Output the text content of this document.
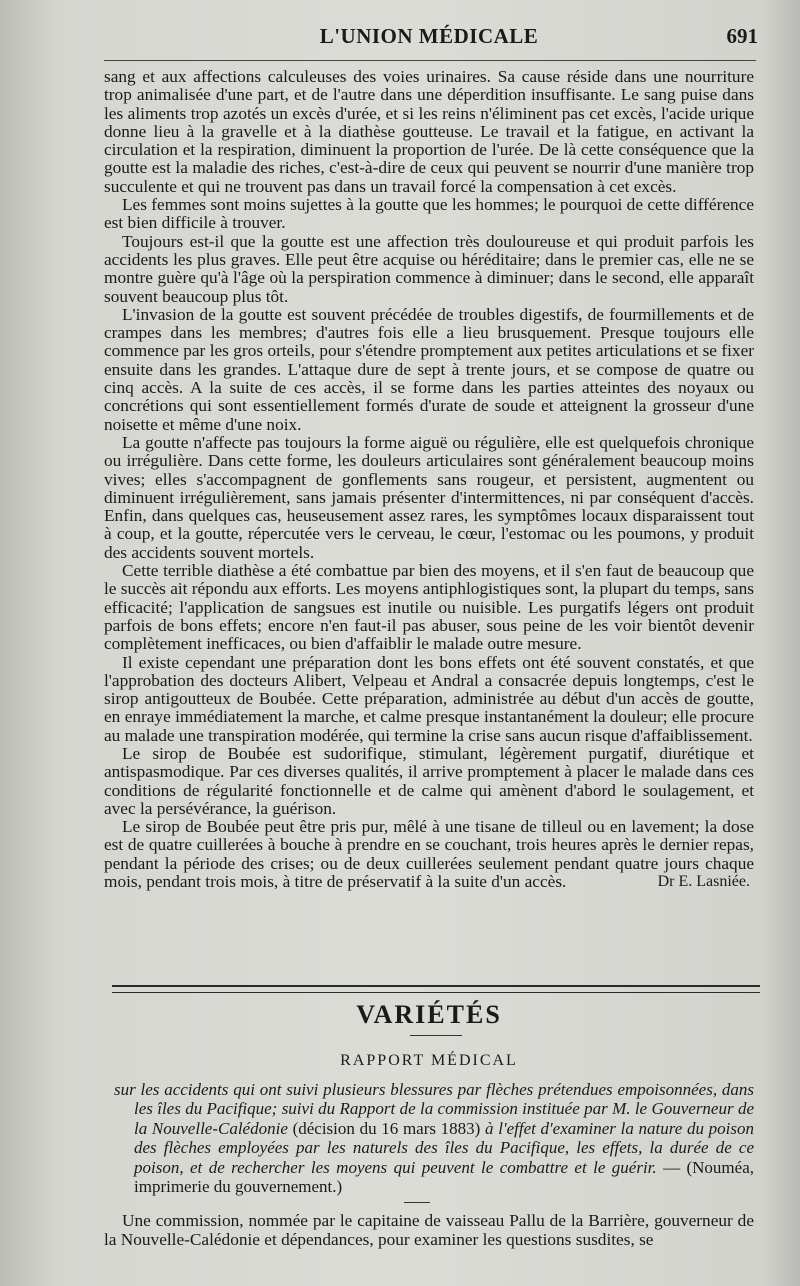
L'UNION MÉDICALE	691

sang et aux affections calculeuses des voies urinaires. Sa cause réside dans une nourriture trop animalisée d'une part, et de l'autre dans une déperdition insuffisante. Le sang puise dans les aliments trop azotés un excès d'urée, et si les reins n'éliminent pas cet excès, l'acide urique donne lieu à la gravelle et à la diathèse goutteuse. Le travail et la fatigue, en activant la circulation et la respiration, diminuent la proportion de l'urée. De là cette conséquence que la goutte est la maladie des riches, c'est-à-dire de ceux qui peuvent se nourrir d'une manière trop succulente et qui ne trouvent pas dans un travail forcé la compensation à cet excès.

Les femmes sont moins sujettes à la goutte que les hommes; le pourquoi de cette différence est bien difficile à trouver.

Toujours est-il que la goutte est une affection très douloureuse et qui produit parfois les accidents les plus graves. Elle peut être acquise ou héréditaire; dans le premier cas, elle ne se montre guère qu'à l'âge où la perspiration commence à diminuer; dans le second, elle apparaît souvent beaucoup plus tôt.

L'invasion de la goutte est souvent précédée de troubles digestifs, de fourmillements et de crampes dans les membres; d'autres fois elle a lieu brusquement. Presque toujours elle commence par les gros orteils, pour s'étendre promptement aux petites articulations et se fixer ensuite dans les grandes. L'attaque dure de sept à trente jours, et se compose de quatre ou cinq accès. A la suite de ces accès, il se forme dans les parties atteintes des noyaux ou concrétions qui sont essentiellement formés d'urate de soude et atteignent la grosseur d'une noisette et même d'une noix.

La goutte n'affecte pas toujours la forme aiguë ou régulière, elle est quelquefois chronique ou irrégulière. Dans cette forme, les douleurs articulaires sont généralement beaucoup moins vives; elles s'accompagnent de gonflements sans rougeur, et persistent, augmentent ou diminuent irrégulièrement, sans jamais présenter d'intermittences, ni par conséquent d'accès. Enfin, dans quelques cas, heuseusement assez rares, les symptômes locaux disparaissent tout à coup, et la goutte, répercutée vers le cerveau, le cœur, l'estomac ou les poumons, y produit des accidents souvent mortels.

Cette terrible diathèse a été combattue par bien des moyens, et il s'en faut de beaucoup que le succès ait répondu aux efforts. Les moyens antiphlogistiques sont, la plupart du temps, sans efficacité; l'application de sangsues est inutile ou nuisible. Les purgatifs légers ont produit parfois de bons effets; encore n'en faut-il pas abuser, sous peine de les voir bientôt devenir complètement inefficaces, ou bien d'affaiblir le malade outre mesure.

Il existe cependant une préparation dont les bons effets ont été souvent constatés, et que l'approbation des docteurs Alibert, Velpeau et Andral a consacrée depuis longtemps, c'est le sirop antigoutteux de Boubée. Cette préparation, administrée au début d'un accès de goutte, en enraye immédiatement la marche, et calme presque instantanément la douleur; elle procure au malade une transpiration modérée, qui termine la crise sans aucun risque d'affaiblissement.

Le sirop de Boubée est sudorifique, stimulant, légèrement purgatif, diurétique et antispasmodique. Par ces diverses qualités, il arrive promptement à placer le malade dans ces conditions de régularité fonctionnelle et de calme qui amènent d'abord le soulagement, et avec la persévérance, la guérison.

Le sirop de Boubée peut être pris pur, mêlé à une tisane de tilleul ou en lavement; la dose est de quatre cuillerées à bouche à prendre en se couchant, trois heures après le dernier repas, pendant la période des crises; ou de deux cuillerées seulement pendant quatre jours chaque mois, pendant trois mois, à titre de préservatif à la suite d'un accès.	Dr E. Lasniée.
VARIÉTÉS
RAPPORT MÉDICAL
sur les accidents qui ont suivi plusieurs blessures par flèches prétendues empoisonnées, dans les îles du Pacifique; suivi du Rapport de la commission instituée par M. le Gouverneur de la Nouvelle-Calédonie (décision du 16 mars 1883) à l'effet d'examiner la nature du poison des flèches employées par les naturels des îles du Pacifique, les effets, la durée de ce poison, et de rechercher les moyens qui peuvent le combattre et le guérir. — (Nouméa, imprimerie du gouvernement.)
Une commission, nommée par le capitaine de vaisseau Pallu de la Barrière, gouverneur de la Nouvelle-Calédonie et dépendances, pour examiner les questions susdites, se
